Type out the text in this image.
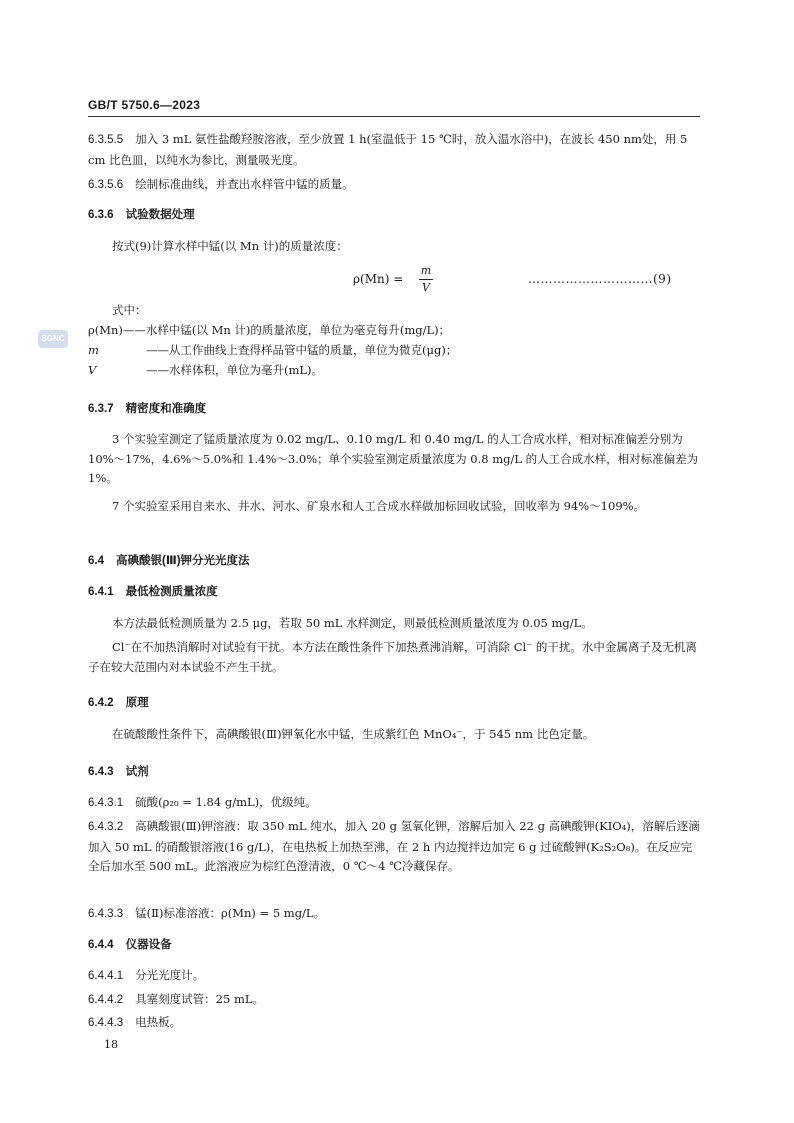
GB/T 5750.6—2023
SGNC
6.3.5.5 加入 3 mL 氨性盐酸羟胺溶液，至少放置 1 h(室温低于 15 ℃时，放入温水浴中)，在波长 450 nm处，用 5 cm 比色皿，以纯水为参比，测量吸光度。
6.3.5.6 绘制标准曲线，并查出水样管中锰的质量。
6.3.6 试验数据处理
按式(9)计算水样中锰(以 Mn 计)的质量浓度：
ρ(Mn) =
m
V
…………………………(9)
式中：
ρ(Mn)——水样中锰(以 Mn 计)的质量浓度，单位为毫克每升(mg/L)；
m	——从工作曲线上查得样品管中锰的质量，单位为微克(μg)；
V	——水样体积，单位为毫升(mL)。
6.3.7 精密度和准确度
3 个实验室测定了锰质量浓度为 0.02 mg/L、0.10 mg/L 和 0.40 mg/L 的人工合成水样，相对标准偏差分别为 10%～17%，4.6%～5.0%和 1.4%～3.0%；单个实验室测定质量浓度为 0.8 mg/L 的人工合成水样，相对标准偏差为 1%。
7 个实验室采用自来水、井水、河水、矿泉水和人工合成水样做加标回收试验，回收率为 94%～109%。
6.4 高碘酸银(Ⅲ)钾分光光度法
6.4.1 最低检测质量浓度
本方法最低检测质量为 2.5 μg，若取 50 mL 水样测定，则最低检测质量浓度为 0.05 mg/L。
Cl⁻在不加热消解时对试验有干扰。本方法在酸性条件下加热煮沸消解，可消除 Cl⁻ 的干扰。水中金属离子及无机离子在较大范围内对本试验不产生干扰。
6.4.2 原理
在硫酸酸性条件下，高碘酸银(Ⅲ)钾氧化水中锰，生成紫红色 MnO₄⁻，于 545 nm 比色定量。
6.4.3 试剂
6.4.3.1 硫酸(ρ₂₀ = 1.84 g/mL)，优级纯。
6.4.3.2 高碘酸银(Ⅲ)钾溶液：取 350 mL 纯水，加入 20 g 氢氧化钾，溶解后加入 22 g 高碘酸钾(KIO₄)，溶解后逐滴加入 50 mL 的硝酸银溶液(16 g/L)，在电热板上加热至沸，在 2 h 内边搅拌边加完 6 g 过硫酸钾(K₂S₂O₈)。在反应完全后加水至 500 mL。此溶液应为棕红色澄清液，0 ℃～4 ℃冷藏保存。
6.4.3.3 锰(Ⅱ)标准溶液：ρ(Mn) = 5 mg/L。
6.4.4 仪器设备
6.4.4.1 分光光度计。
6.4.4.2 具塞刻度试管：25 mL。
6.4.4.3 电热板。
18
